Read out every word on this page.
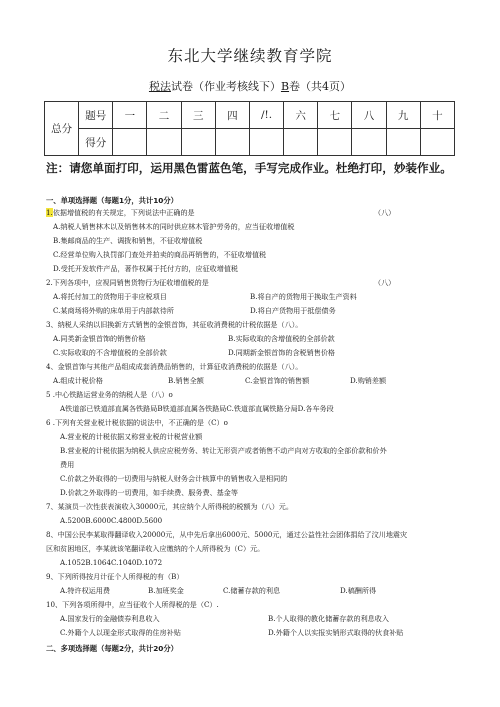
东北大学继续教育学院
税法试卷（作业考核线下）B卷（共4页）
总分	题号	一	二	三	四	/!.	六	七	八	九	十
	得分										
注：请您单面打印，运用黑色雷蓝色笔，手写完成作业。杜绝打印，妙装作业。
一、单项选择题（每题1分，共计10分）
1.依据增值税的有关规定，下列说法中正确的是	（八）
A.纳税人销售林木以及销售林木的同时供应林木管护劳务的，应当征收增值税
B.集邮商品的生产、调拨和销售，不征收增值税
C.经营单位购入执罚部门查处并拍卖的商品再销售的，不征收增值税
D.受托开发软件产品，著作权属于托付方的，应征收增值税
2.下列各项中，应视同销售货物行为征收增值税的是	（八）
A.将托付加工的货物用于非应税项目	B.将自产的货物用于换取生产资料
C.某商场将外购的床单用于内部款待所	D.将自产货物用于抵偿债务
3、纳税人采纳以旧换新方式销售的金银首饰，其征收消费税的计税依据是（八）。
A.同类新金银首饰的销售价格	B.实际收取的含增值税的全部价款
C.实际收取的不含增值税的全部价款	D.同期新金银首饰的含税销售价格
4、金银首饰与其他产品组成成套消费品销售的，计算征收消费税的依据是（八）。
A.组成计税价格	B.销售全额	C.金银首饰的销售额	D.购销差额
5 .中心铁路运营业务的纳税人是（八）o
A铁道部已铁道部直属各铁路局B铁道部直属各铁路局C.铁道部直属铁路分局D.各车务段
6 .下列有关营业税计税依据的说法中，不正确的是（C）o
A.营业税的计税依据又称营业税的计税营业额
B.营业税的计税依据为纳税人供应应税劳务、转让无形资产或者销售不动产向对方收取的全部价款和价外
费用
C.价款之外取得的一切费用与纳税人财务会计核算中的销售收入是相同的
D.价款之外取得的一切费用，如手续费、服务费、基金等
7、某演员一次性获表演收入30000元，其应纳个人所得税的税额为（八）元。
A.5200B.6000C.4800D.5600
8、中国公民李某取得翻译收入20000元，从中先后拿出6000元、5000元，通过公益性社会团体捐给了汶川地震灾
区和贫困地区，李某就该笔翻译收入应缴纳的个人所得税为（C）元。
A.1052B.1064C.1040D.1072
9、下列所得按月计征个人所得税的有（B）
A.特许权运用费	B.加班奖金	C.储蓄存款的利息	D.稿酬所得
10、下列各项所得中，应当征收个人所得税的是（C）.
A.国家发行的金融债券利息收入	B.个人取得的教化储蓄存款的利息收入
C.外籍个人以现金形式取得的住房补贴	D.外籍个人以实报实销形式取得的伙食补贴
二、多项选择题（每题2分，共计20分）
